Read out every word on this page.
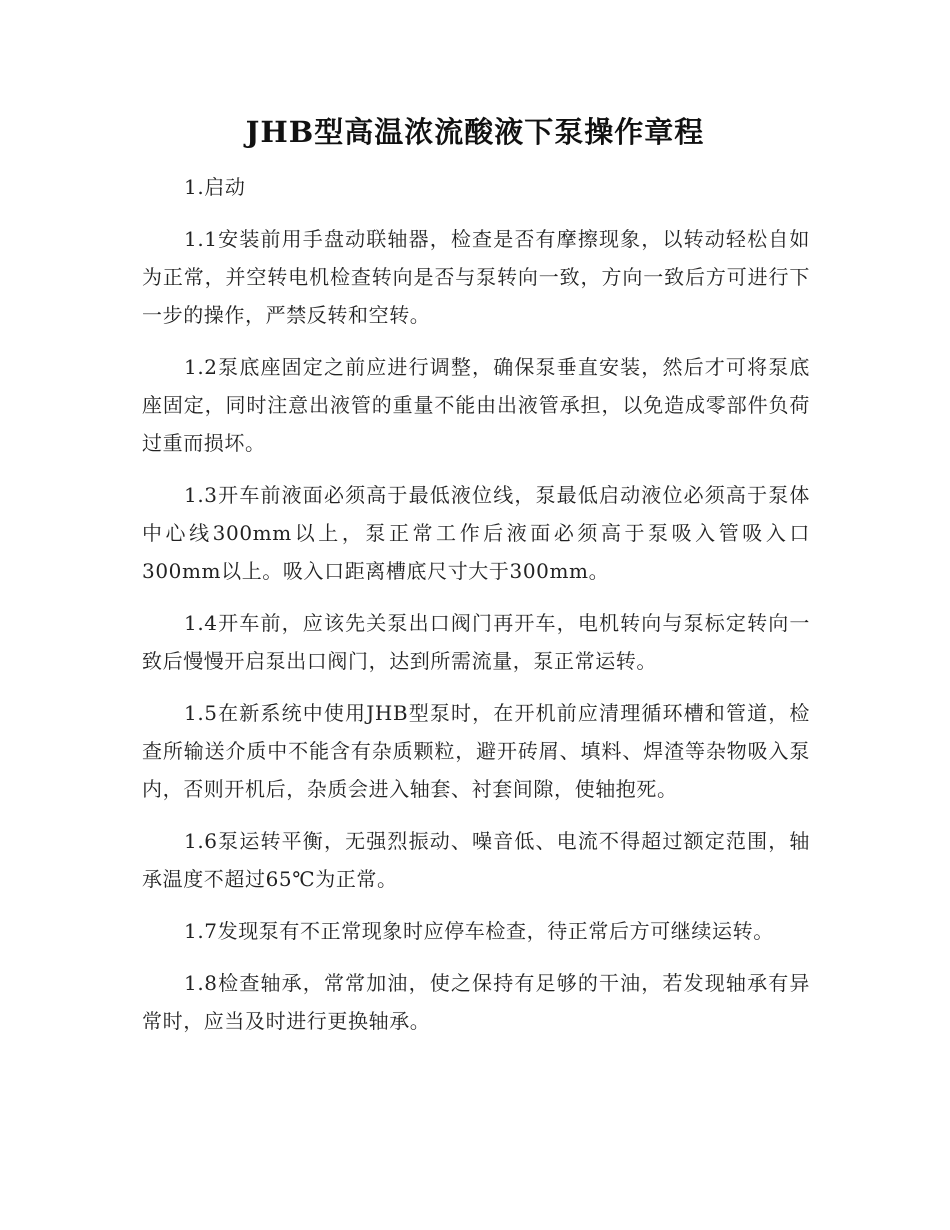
JHB型高温浓流酸液下泵操作章程

1.启动

1.1安装前用手盘动联轴器，检查是否有摩擦现象，以转动轻松自如为正常，并空转电机检查转向是否与泵转向一致，方向一致后方可进行下一步的操作，严禁反转和空转。

1.2泵底座固定之前应进行调整，确保泵垂直安装，然后才可将泵底座固定，同时注意出液管的重量不能由出液管承担，以免造成零部件负荷过重而损坏。

1.3开车前液面必须高于最低液位线，泵最低启动液位必须高于泵体中心线300mm以上，泵正常工作后液面必须高于泵吸入管吸入口300mm以上。吸入口距离槽底尺寸大于300mm。

1.4开车前，应该先关泵出口阀门再开车，电机转向与泵标定转向一致后慢慢开启泵出口阀门，达到所需流量，泵正常运转。

1.5在新系统中使用JHB型泵时，在开机前应清理循环槽和管道，检查所输送介质中不能含有杂质颗粒，避开砖屑、填料、焊渣等杂物吸入泵内，否则开机后，杂质会进入轴套、衬套间隙，使轴抱死。

1.6泵运转平衡，无强烈振动、噪音低、电流不得超过额定范围，轴承温度不超过65℃为正常。

1.7发现泵有不正常现象时应停车检查，待正常后方可继续运转。

1.8检查轴承，常常加油，使之保持有足够的干油，若发现轴承有异常时，应当及时进行更换轴承。
